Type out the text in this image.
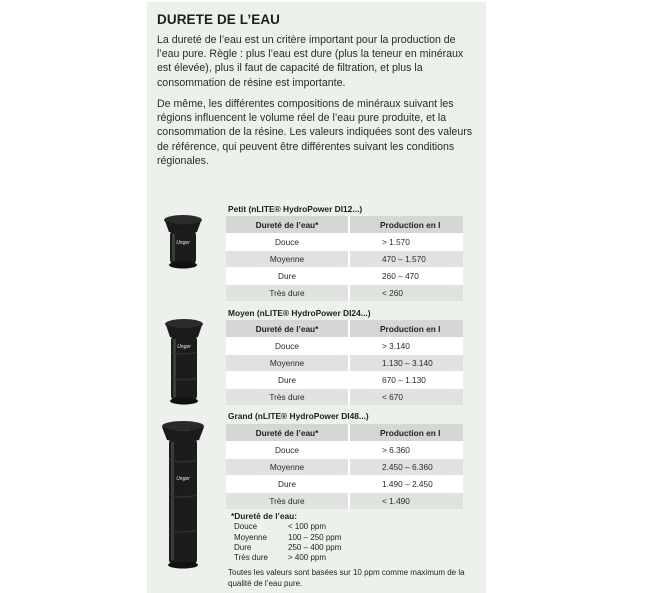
DURETE DE L’EAU
La dureté de l’eau est un critère important pour la production de l’eau pure. Règle : plus l’eau est dure (plus la teneur en minéraux est élevée), plus il faut de capacité de filtration, et plus la consommation de résine est importante.
De même, les différentes compositions de minéraux suivant les régions influencent le volume réel de l’eau pure produite, et la consommation de la résine. Les valeurs indiquées sont des valeurs de référence, qui peuvent être différentes suivant les conditions régionales.
Unger
Unger
Unger
Petit (nLITE® HydroPower DI12...)
Dureté de l’eau*	Production en l
Douce	> 1.570
Moyenne	470 – 1.570
Dure	260 – 470
Très dure	< 260
Moyen (nLITE® HydroPower DI24...)
Dureté de l’eau*	Production en l
Douce	> 3.140
Moyenne	1.130 – 3.140
Dure	670 – 1.130
Très dure	< 670
Grand (nLITE® HydroPower DI48...)
Dureté de l’eau*	Production en l
Douce	> 6.360
Moyenne	2.450 – 6.360
Dure	1.490 – 2.450
Très dure	< 1.490
*Dureté de l’eau:
Douce	< 100 ppm
Moyenne	100 – 250 ppm
Dure	250 – 400 ppm
Très dure	> 400 ppm
Toutes les valeurs sont basées sur 10 ppm comme maximum de la qualité de l’eau pure.
